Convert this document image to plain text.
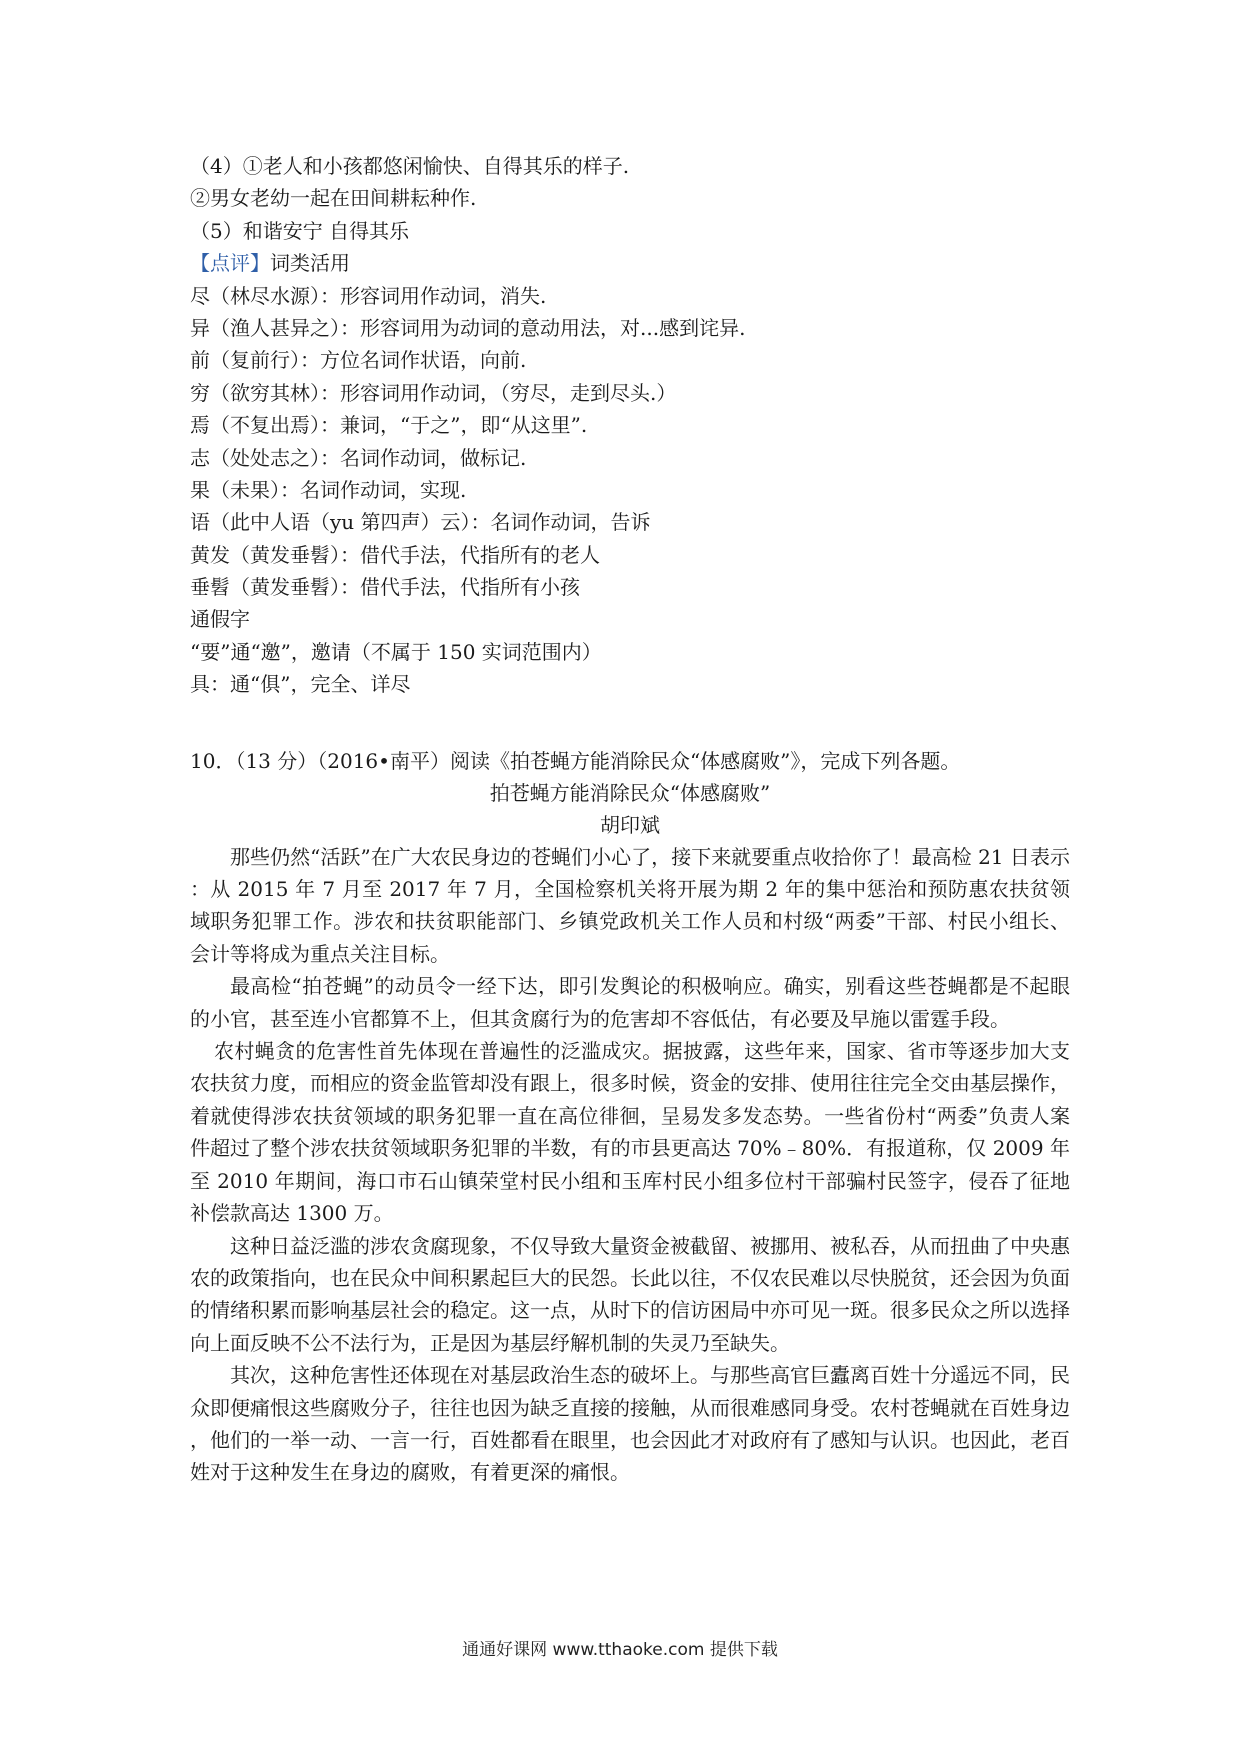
（4）①老人和小孩都悠闲愉快、自得其乐的样子.
②男女老幼一起在田间耕耘种作.
（5）和谐安宁 自得其乐
【点评】词类活用
尽（林尽水源）：形容词用作动词，消失.
异（渔人甚异之）：形容词用为动词的意动用法，对...感到诧异.
前（复前行）：方位名词作状语，向前.
穷（欲穷其林）：形容词用作动词，（穷尽，走到尽头.）
焉（不复出焉）：兼词，“于之”，即“从这里”.
志（处处志之）：名词作动词，做标记.
果（未果）：名词作动词，实现.
语（此中人语（yu 第四声）云）：名词作动词，告诉
黄发（黄发垂髫）：借代手法，代指所有的老人
垂髫（黄发垂髫）：借代手法，代指所有小孩
通假字
“要”通“邀”，邀请（不属于 150 实词范围内）
具：通“俱”，完全、详尽
10．（13 分）（2016•南平）阅读《拍苍蝇方能消除民众“体感腐败”》，完成下列各题。
拍苍蝇方能消除民众“体感腐败”
胡印斌

那些仍然“活跃”在广大农民身边的苍蝇们小心了，接下来就要重点收拾你了！最高检 21 日表示：从 2015 年 7 月至 2017 年 7 月，全国检察机关将开展为期 2 年的集中惩治和预防惠农扶贫领域职务犯罪工作。涉农和扶贫职能部门、乡镇党政机关工作人员和村级“两委”干部、村民小组长、会计等将成为重点关注目标。

最高检“拍苍蝇”的动员令一经下达，即引发舆论的积极响应。确实，别看这些苍蝇都是不起眼的小官，甚至连小官都算不上，但其贪腐行为的危害却不容低估，有必要及早施以雷霆手段。

农村蝇贪的危害性首先体现在普遍性的泛滥成灾。据披露，这些年来，国家、省市等逐步加大支农扶贫力度，而相应的资金监管却没有跟上，很多时候，资金的安排、使用往往完全交由基层操作，着就使得涉农扶贫领域的职务犯罪一直在高位徘徊，呈易发多发态势。一些省份村“两委”负责人案件超过了整个涉农扶贫领域职务犯罪的半数，有的市县更高达 70%﹣80%．有报道称，仅 2009 年至 2010 年期间，海口市石山镇荣堂村民小组和玉库村民小组多位村干部骗村民签字，侵吞了征地补偿款高达 1300 万。

这种日益泛滥的涉农贪腐现象，不仅导致大量资金被截留、被挪用、被私吞，从而扭曲了中央惠农的政策指向，也在民众中间积累起巨大的民怨。长此以往，不仅农民难以尽快脱贫，还会因为负面的情绪积累而影响基层社会的稳定。这一点，从时下的信访困局中亦可见一斑。很多民众之所以选择向上面反映不公不法行为，正是因为基层纾解机制的失灵乃至缺失。

其次，这种危害性还体现在对基层政治生态的破坏上。与那些高官巨蠹离百姓十分遥远不同，民众即便痛恨这些腐败分子，往往也因为缺乏直接的接触，从而很难感同身受。农村苍蝇就在百姓身边，他们的一举一动、一言一行，百姓都看在眼里，也会因此才对政府有了感知与认识。也因此，老百姓对于这种发生在身边的腐败，有着更深的痛恨。

通通好课网 www.tthaoke.com 提供下载
